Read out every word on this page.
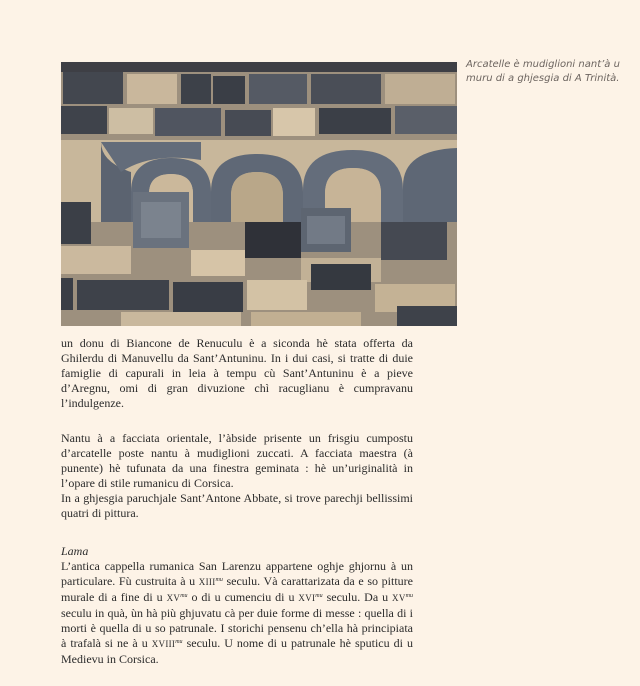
Arcatelle è mudiglioni nant’à u muru di a ghjesgia di A Trinità.

un donu di Biancone de Renuculu è a siconda hè stata offerta da Ghilerdu di Manuvellu da Sant’Antuninu. In i dui casi, si tratte di duie famiglie di capurali in leia à tempu cù Sant’Antuninu è a pieve d’Aregnu, omi di gran divuzione chì racuglianu è cumpravanu l’indulgenze.

Nantu à a facciata orientale, l’àbside prisente un frisgiu cumpostu d’arcatelle poste nantu à mudiglioni zuccati. A facciata maestra (à punente) hè tufunata da una finestra geminata : hè un’uriginalità in l’opare di stile rumanicu di Corsica.

In a ghjesgia paruchjale Sant’Antone Abbate, si trove parechji bellissimi quatri di pittura.

Lama

L’antica cappella rumanica San Larenzu appartene oghje ghjornu à un particulare. Fù custruita à u $XIII^{mu}$ seculu. Và carattarizata da e so pitture murale di a fine di u $XV^{mu}$ o di u cumenciu di u $XVI^{mu}$ seculu. Da u $XV^{mu}$ seculu in quà, ùn hà più ghjuvatu cà per duie forme di messe : quella di i morti è quella di u so patrunale. I storichi pensenu ch’ella hà principiata à trafalà si ne à u $XVIII^{mu}$ seculu. U nome di u patrunale hè sputicu di u Medievu in Corsica.
